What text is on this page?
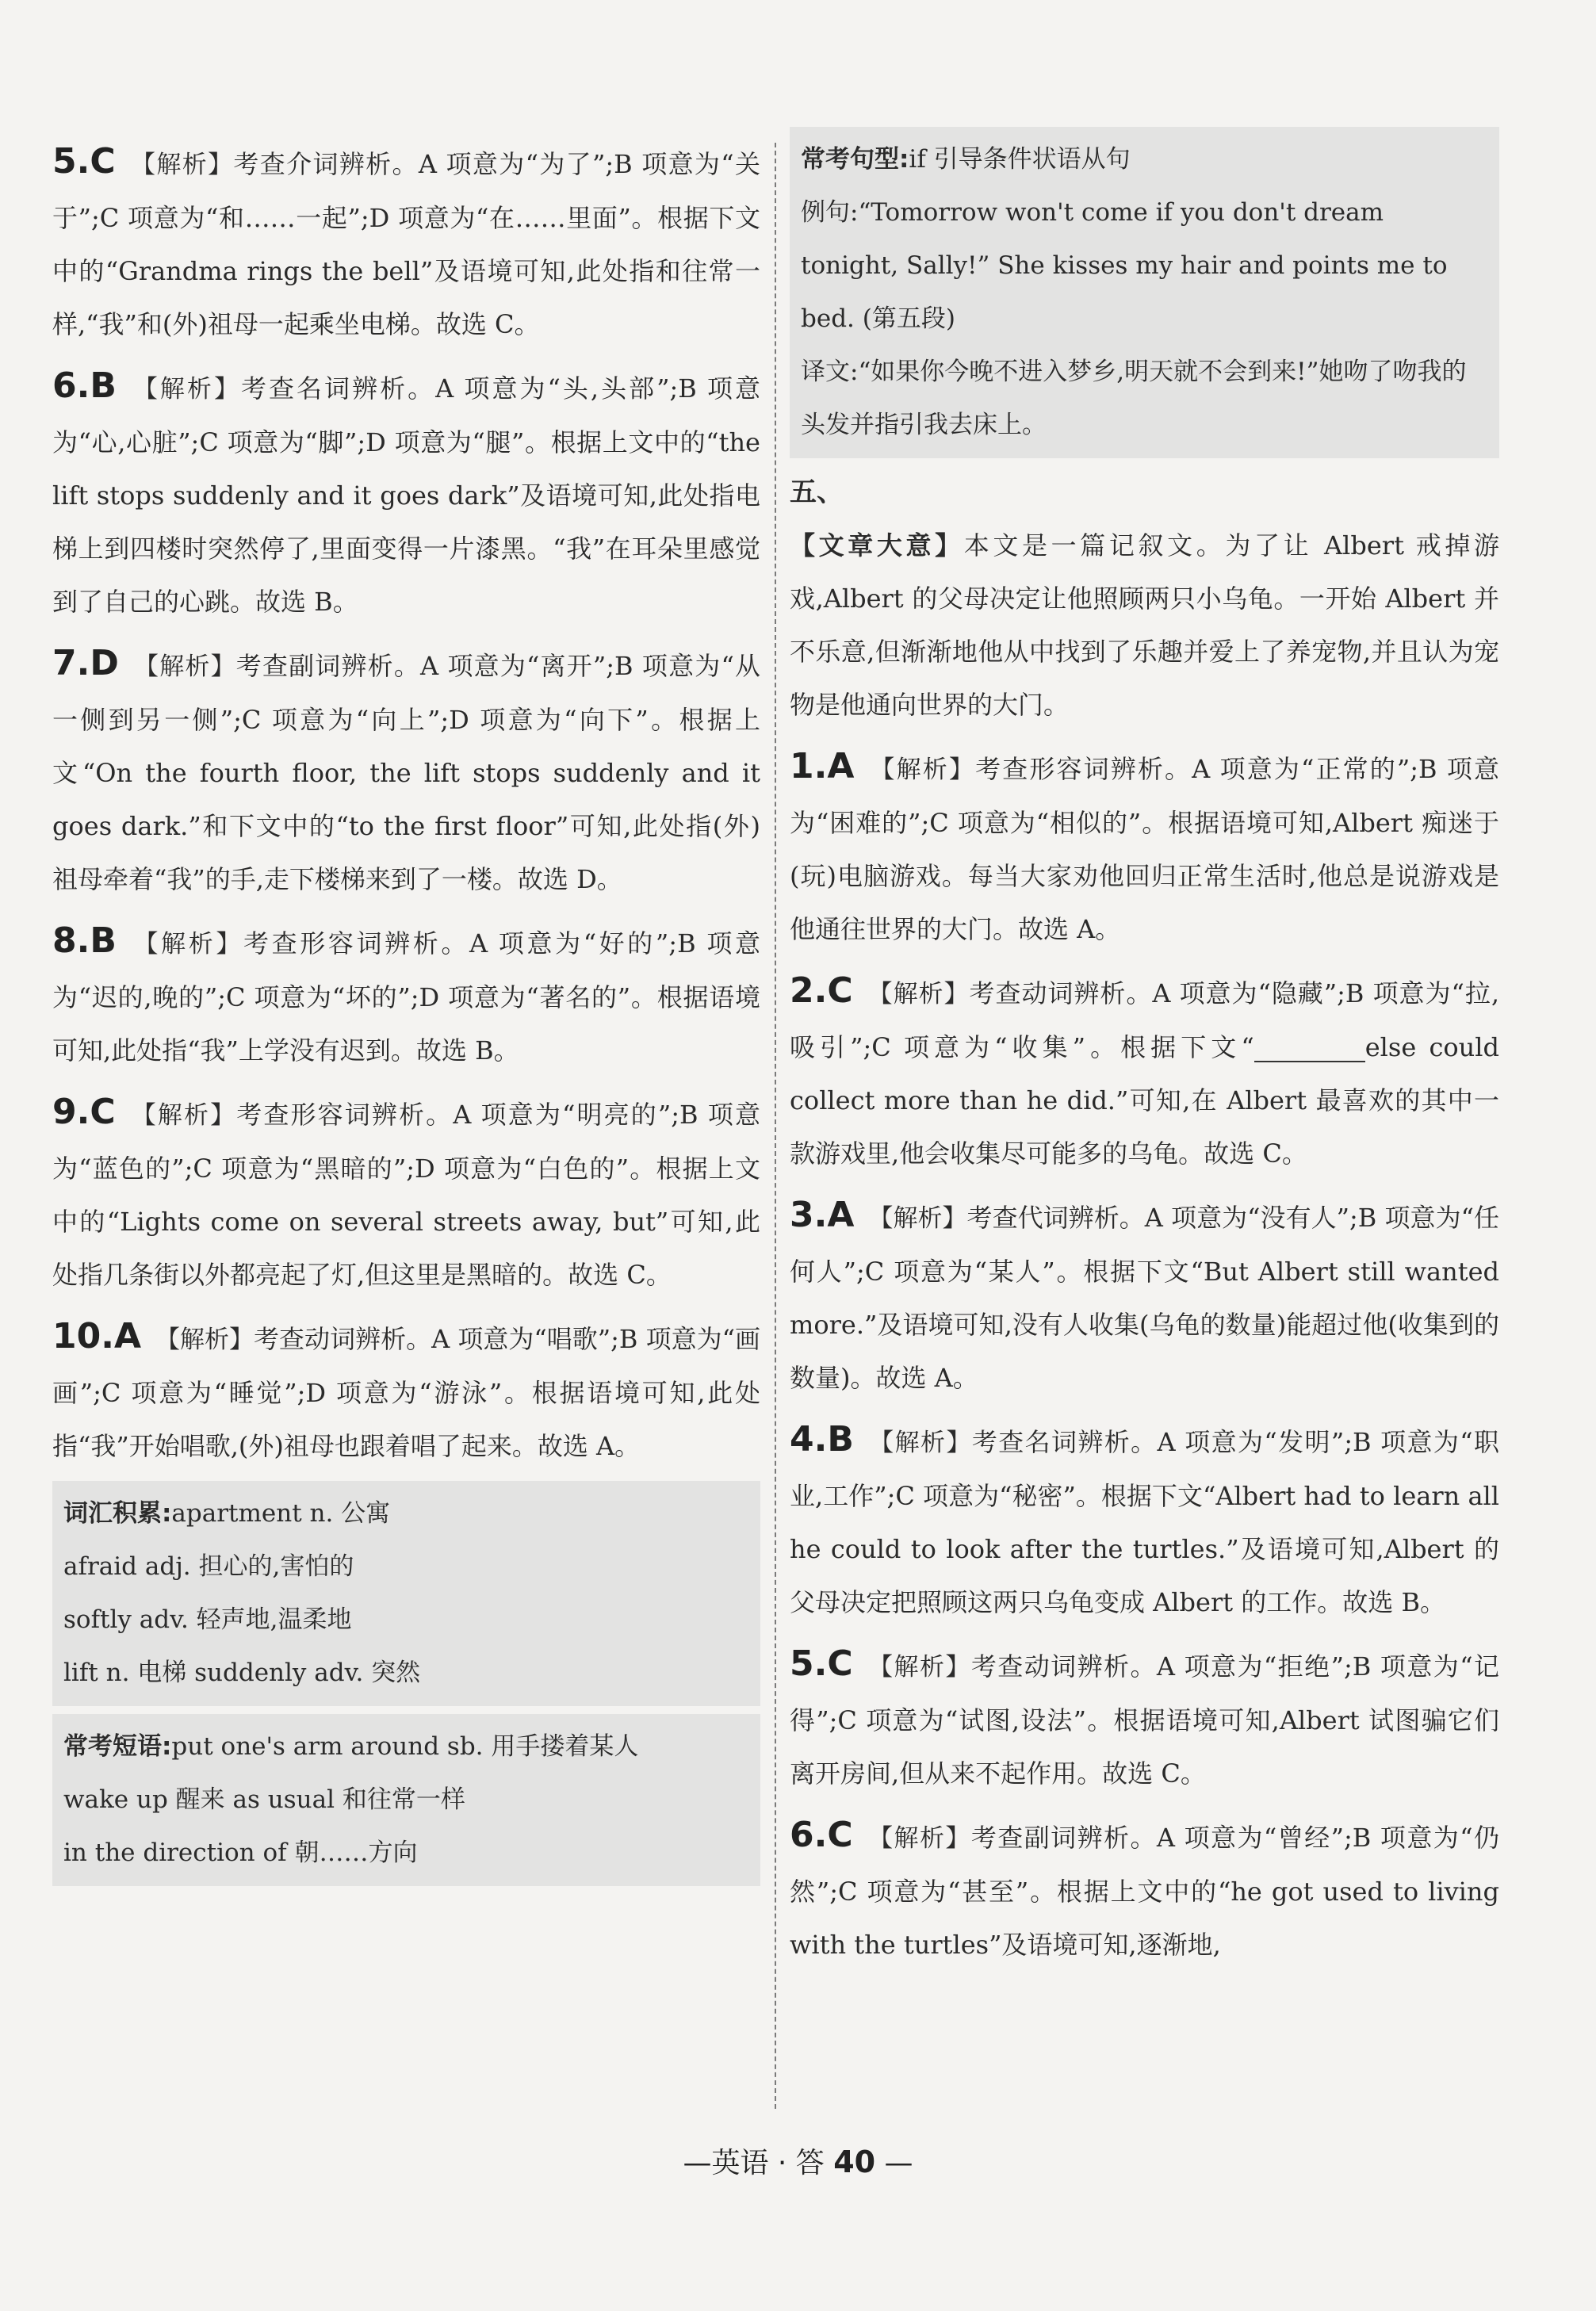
5.C 【解析】考查介词辨析。A 项意为“为了”;B 项意为“关于”;C 项意为“和……一起”;D 项意为“在……里面”。根据下文中的“Grandma rings the bell”及语境可知,此处指和往常一样,“我”和(外)祖母一起乘坐电梯。故选 C。
6.B 【解析】考查名词辨析。A 项意为“头,头部”;B 项意为“心,心脏”;C 项意为“脚”;D 项意为“腿”。根据上文中的“the lift stops suddenly and it goes dark”及语境可知,此处指电梯上到四楼时突然停了,里面变得一片漆黑。“我”在耳朵里感觉到了自己的心跳。故选 B。
7.D 【解析】考查副词辨析。A 项意为“离开”;B 项意为“从一侧到另一侧”;C 项意为“向上”;D 项意为“向下”。根据上文“On the fourth floor, the lift stops suddenly and it goes dark.”和下文中的“to the first floor”可知,此处指(外)祖母牵着“我”的手,走下楼梯来到了一楼。故选 D。
8.B 【解析】考查形容词辨析。A 项意为“好的”;B 项意为“迟的,晚的”;C 项意为“坏的”;D 项意为“著名的”。根据语境可知,此处指“我”上学没有迟到。故选 B。
9.C 【解析】考查形容词辨析。A 项意为“明亮的”;B 项意为“蓝色的”;C 项意为“黑暗的”;D 项意为“白色的”。根据上文中的“Lights come on several streets away, but”可知,此处指几条街以外都亮起了灯,但这里是黑暗的。故选 C。
10.A 【解析】考查动词辨析。A 项意为“唱歌”;B 项意为“画画”;C 项意为“睡觉”;D 项意为“游泳”。根据语境可知,此处指“我”开始唱歌,(外)祖母也跟着唱了起来。故选 A。
词汇积累:apartment n. 公寓
afraid adj. 担心的,害怕的
softly adv. 轻声地,温柔地
lift n. 电梯 suddenly adv. 突然
常考短语:put one's arm around sb. 用手搂着某人
wake up 醒来 as usual 和往常一样
in the direction of 朝……方向
常考句型:if 引导条件状语从句
例句:“Tomorrow won't come if you don't dream tonight, Sally!” She kisses my hair and points me to bed. (第五段)
译文:“如果你今晚不进入梦乡,明天就不会到来!”她吻了吻我的头发并指引我去床上。
五、
【文章大意】本文是一篇记叙文。为了让 Albert 戒掉游戏,Albert 的父母决定让他照顾两只小乌龟。一开始 Albert 并不乐意,但渐渐地他从中找到了乐趣并爱上了养宠物,并且认为宠物是他通向世界的大门。
1.A 【解析】考查形容词辨析。A 项意为“正常的”;B 项意为“困难的”;C 项意为“相似的”。根据语境可知,Albert 痴迷于(玩)电脑游戏。每当大家劝他回归正常生活时,他总是说游戏是他通往世界的大门。故选 A。
2.C 【解析】考查动词辨析。A 项意为“隐藏”;B 项意为“拉,吸引”;C 项意为“收集”。根据下文“	else could collect more than he did.”可知,在 Albert 最喜欢的其中一款游戏里,他会收集尽可能多的乌龟。故选 C。
3.A 【解析】考查代词辨析。A 项意为“没有人”;B 项意为“任何人”;C 项意为“某人”。根据下文“But Albert still wanted more.”及语境可知,没有人收集(乌龟的数量)能超过他(收集到的数量)。故选 A。
4.B 【解析】考查名词辨析。A 项意为“发明”;B 项意为“职业,工作”;C 项意为“秘密”。根据下文“Albert had to learn all he could to look after the turtles.”及语境可知,Albert 的父母决定把照顾这两只乌龟变成 Albert 的工作。故选 B。
5.C 【解析】考查动词辨析。A 项意为“拒绝”;B 项意为“记得”;C 项意为“试图,设法”。根据语境可知,Albert 试图骗它们离开房间,但从来不起作用。故选 C。
6.C 【解析】考查副词辨析。A 项意为“曾经”;B 项意为“仍然”;C 项意为“甚至”。根据上文中的“he got used to living with the turtles”及语境可知,逐渐地,
—英语 · 答 40 —
